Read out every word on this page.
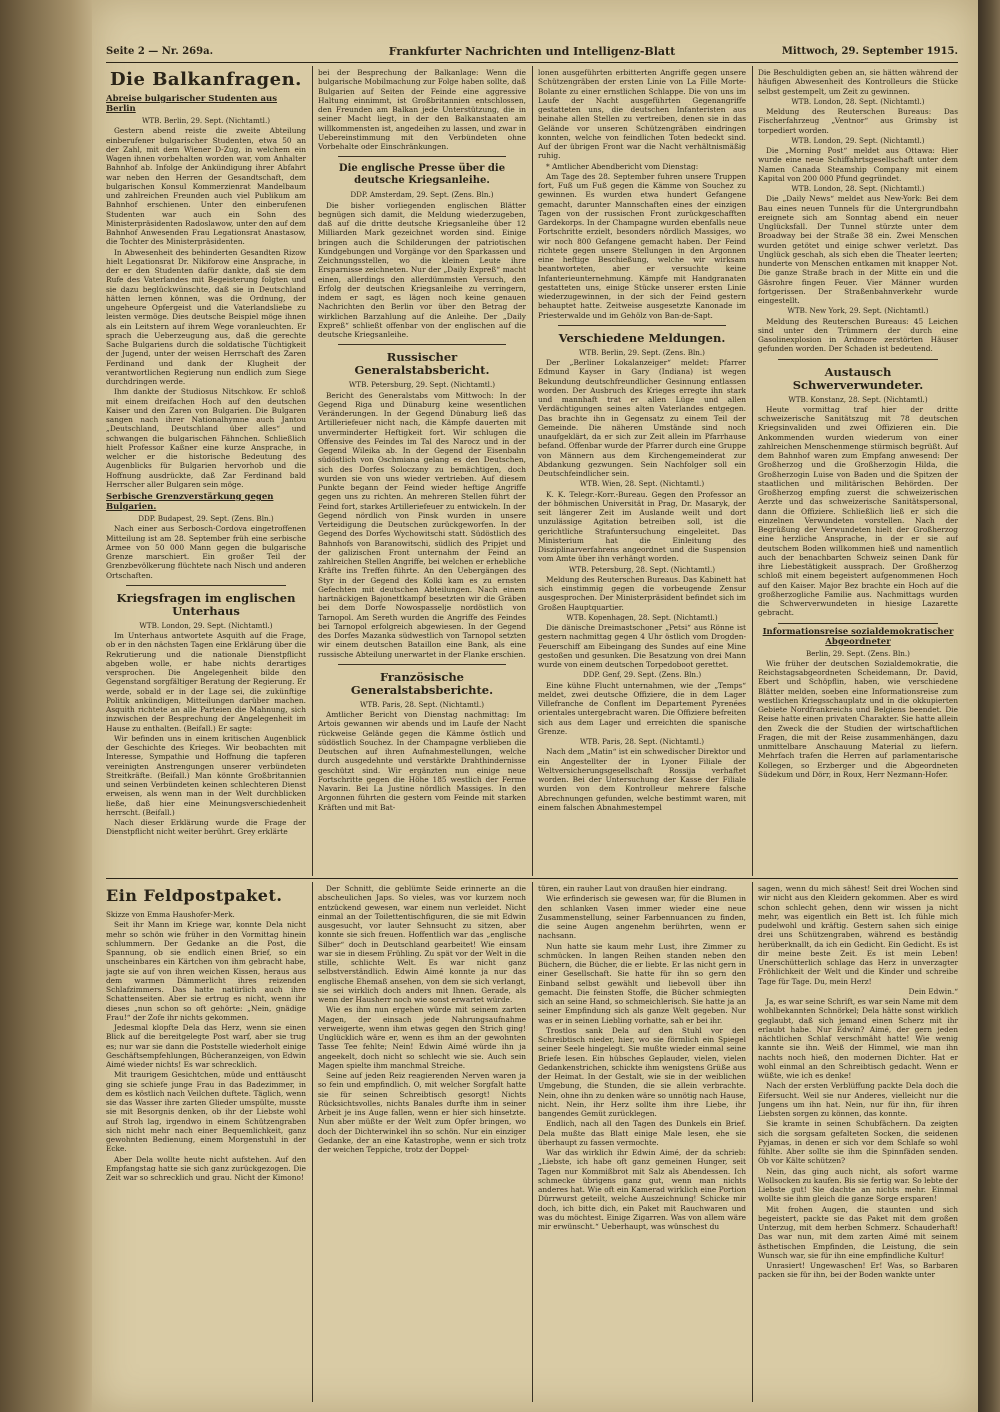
Seite 2 — Nr. 269a.	Frankfurter Nachrichten und Intelligenz-Blatt	Mittwoch, 29. September 1915.
Die Balkanfragen.
Abreise bulgarischer Studenten aus Berlin
WTB. Berlin, 29. Sept. (Nichtamtl.)

Gestern abend reiste die zweite Abteilung einberufener bulgarischer Studenten, etwa 50 an der Zahl, mit dem Wiener D-Zug, in welchem ein Wagen ihnen vorbehalten worden war, vom Anhalter Bahnhof ab. Infolge der Ankündigung ihrer Abfahrt war neben den Herren der Gesandtschaft, dem bulgarischen Konsul Kommerzienrat Mandelbaum und zahlreichen Freunden auch viel Publikum am Bahnhof erschienen. Unter den einberufenen Studenten war auch ein Sohn des Ministerpräsidenten Radoslawow, unter den auf dem Bahnhof Anwesenden Frau Legationsrat Anastasow, die Tochter des Ministerpräsidenten.

In Abwesenheit des behinderten Gesandten Rizow hielt Legationsrat Dr. Nikiforow eine Ansprache, in der er den Studenten dafür dankte, daß sie dem Rufe des Vaterlandes mit Begeisterung folgten und sie dazu beglückwünschte, daß sie in Deutschland hätten lernen können, was die Ordnung, der ungeheure Opfergeist und die Vaterlandsliebe zu leisten vermöge. Dies deutsche Beispiel möge ihnen als ein Leitstern auf ihrem Wege voranleuchten. Er sprach die Ueberzeugung aus, daß die gerechte Sache Bulgariens durch die soldatische Tüchtigkeit der Jugend, unter der weisen Herrschaft des Zaren Ferdinand und dank der Klugheit der verantwortlichen Regierung nun endlich zum Siege durchdringen werde.

Ihm dankte der Studiosus Nitschkow. Er schloß mit einem dreifachen Hoch auf den deutschen Kaiser und den Zaren von Bulgarien. Die Bulgaren sangen nach ihrer Nationalhymne auch Jantou „Deutschland, Deutschland über alles“ und schwangen die bulgarischen Fähnchen. Schließlich hielt Professor Kaßner eine kurze Ansprache, in welcher er die historische Bedeutung des Augenblicks für Bulgarien hervorhob und die Hoffnung ausdrückte, daß Zar Ferdinand bald Herrscher aller Bulgaren sein möge.

Serbische Grenzverstärkung gegen Bulgarien.
DDP. Budapest, 29. Sept. (Zens. Bln.)

Nach einer aus Serbosch-Cordova eingetroffenen Mitteilung ist am 28. September früh eine serbische Armee von 50 000 Mann gegen die bulgarische Grenze marschiert. Ein großer Teil der Grenzbevölkerung flüchtete nach Nisch und anderen Ortschaften.

Kriegsfragen im englischen Unterhaus
WTB. London, 29. Sept. (Nichtamtl.)

Im Unterhaus antwortete Asquith auf die Frage, ob er in den nächsten Tagen eine Erklärung über die Rekrutierung und die nationale Dienstpflicht abgeben wolle, er habe nichts derartiges versprochen. Die Angelegenheit bilde den Gegenstand sorgfältiger Beratung der Regierung. Er werde, sobald er in der Lage sei, die zukünftige Politik ankündigen, Mitteilungen darüber machen. Asquith richtete an alle Parteien die Mahnung, sich inzwischen der Besprechung der Angelegenheit im Hause zu enthalten. (Beifall.) Er sagte:

Wir befinden uns in einem kritischen Augenblick der Geschichte des Krieges. Wir beobachten mit Interesse, Sympathie und Hoffnung die tapferen vereinigten Anstrengungen unserer verbündeten Streitkräfte. (Beifall.) Man könnte Großbritannien und seinen Verbündeten keinen schlechteren Dienst erweisen, als wenn man in der Welt durchblicken ließe, daß hier eine Meinungsverschiedenheit herrscht. (Beifall.)

Nach dieser Erklärung wurde die Frage der Dienstpflicht nicht weiter berührt. Grey erklärte

bei der Besprechung der Balkanlage: Wenn die bulgarische Mobilmachung zur Folge haben sollte, daß Bulgarien auf Seiten der Feinde eine aggressive Haltung einnimmt, ist Großbritannien entschlossen, den Freunden am Balkan jede Unterstützung, die in seiner Macht liegt, in der den Balkanstaaten am willkommensten ist, angedeihen zu lassen, und zwar in Uebereinstimmung mit den Verbündeten ohne Vorbehalte oder Einschränkungen.

Die englische Presse über die deutsche Kriegsanleihe.
DDP. Amsterdam, 29. Sept. (Zens. Bln.)

Die bisher vorliegenden englischen Blätter begnügen sich damit, die Meldung wiederzugeben, daß auf die dritte deutsche Kriegsanleihe über 12 Milliarden Mark gezeichnet worden sind. Einige bringen auch die Schilderungen der patriotischen Kundgebungen und Vorgänge vor den Sparkassen und Zeichnungsstellen, wo die kleinen Leute ihre Ersparnisse zeichneten. Nur der „Daily Expreß“ macht einen, allerdings den allerdümmsten Versuch, den Erfolg der deutschen Kriegsanleihe zu verringern, indem er sagt, es lägen noch keine genauen Nachrichten den Berlin vor über den Betrag der wirklichen Barzahlung auf die Anleihe. Der „Daily Expreß“ schließt offenbar von der englischen auf die deutsche Kriegsanleihe.

Russischer Generalstabsbericht.
WTB. Petersburg, 29. Sept. (Nichtamtl.)

Bericht des Generalstabs vom Mittwoch: In der Gegend Riga und Dünaburg keine wesentlichen Veränderungen. In der Gegend Dünaburg ließ das Artilleriefeuer nicht nach, die Kämpfe dauerten mit unverminderter Heftigkeit fort. Wir schlugen die Offensive des Feindes im Tal des Narocz und in der Gegend Wileika ab. In der Gegend der Eisenbahn südöstlich von Oschmiana gelang es den Deutschen, sich des Dorfes Soloczany zu bemächtigen, doch wurden sie von uns wieder vertrieben. Auf diesem Punkte begann der Feind wieder heftige Angriffe gegen uns zu richten. An mehreren Stellen führt der Feind fort, starkes Artilleriefeuer zu entwickeln. In der Gegend nördlich von Pinsk wurden in unsere Verteidigung die Deutschen zurückgeworfen. In der Gegend des Dorfes Wychowitschi statt. Südöstlich des Bahnhofs von Baranowitschi, südlich des Pripjet und der galizischen Front unternahm der Feind an zahlreichen Stellen Angriffe, bei welchen er erhebliche Kräfte ins Treffen führte. An den Uebergängen des Styr in der Gegend des Kolki kam es zu ernsten Gefechten mit deutschen Abteilungen. Nach einem hartnäckigen Bajonettkampf besetzten wir die Gräben bei dem Dorfe Nowospasselje nordöstlich von Tarnopol. Am Sereth wurden die Angriffe des Feindes bei Tarnopol erfolgreich abgewiesen. In der Gegend des Dorfes Mazanka südwestlich von Tarnopol setzten wir einem deutschen Bataillon eine Bank, als eine russische Abteilung unerwartet in der Flanke erschien.

Französische Generalstabsberichte.
WTB. Paris, 28. Sept. (Nichtamtl.)

Amtlicher Bericht von Dienstag nachmittag: Im Artois gewannen wir abends und im Laufe der Nacht rückweise Gelände gegen die Kämme östlich und südöstlich Souchez. In der Champagne verblieben die Deutschen auf ihren Aufnahmestellungen, welche durch ausgedehnte und verstärkte Drahthindernisse geschützt sind. Wir ergänzten nun einige neue Fortschritte gegen die Höhe 185 westlich der Ferme Navarin. Bei La Justine nördlich Massiges. In den Argonnen führten die gestern vom Feinde mit starken Kräften und mit Bat-

lonen ausgeführten erbitterten Angriffe gegen unsere Schützengräben der ersten Linie von La Fille Morte-Bolante zu einer ernstlichen Schlappe. Die von uns im Laufe der Nacht ausgeführten Gegenangriffe gestatteten uns, die deutschen Infanteristen aus beinahe allen Stellen zu vertreiben, denen sie in das Gelände vor unseren Schützengräben eindringen konnten, welche von feindlichen Toten bedeckt sind. Auf der übrigen Front war die Nacht verhältnismäßig ruhig.

* Amtlicher Abendbericht vom Dienstag:

Am Tage des 28. September fuhren unsere Truppen fort, Fuß um Fuß gegen die Kämme von Souchez zu gewinnen. Es wurden etwa hundert Gefangene gemacht, darunter Mannschaften eines der einzigen Tagen von der russischen Front zurückgeschafften Gardekorps. In der Champagne wurden ebenfalls neue Fortschritte erzielt, besonders nördlich Massiges, wo wir noch 800 Gefangene gemacht haben. Der Feind richtete gegen unsere Stellungen in den Argonnen eine heftige Beschießung, welche wir wirksam beantworteten, aber er versuchte keine Infanterieunternehmung. Kämpfe mit Handgranaten gestatteten uns, einige Stücke unserer ersten Linie wiederzugewinnen, in der sich der Feind gestern behauptet hatte. Zeitweise ausgesetzte Kanonade im Priesterwalde und im Gehölz von Ban-de-Sapt.

Verschiedene Meldungen.
WTB. Berlin, 29. Sept. (Zens. Bln.)

Der „Berliner Lokalanzeiger“ meldet: Pfarrer Edmund Kayser in Gary (Indiana) ist wegen Bekundung deutschfreundlicher Gesinnung entlassen worden. Der Ausbruch des Krieges erregte ihn stark und mannhaft trat er allen Lüge und allen Verdächtigungen seines alten Vaterlandes entgegen. Das brachte ihn in Gegensatz zu einem Teil der Gemeinde. Die näheren Umstände sind noch unaufgeklärt, da er sich zur Zeit allein im Pfarrhause befand. Offenbar wurde der Pfarrer durch eine Gruppe von Männern aus dem Kirchengemeinderat zur Abdankung gezwungen. Sein Nachfolger soll ein Deutschfeindlicher sein.

WTB. Wien, 28. Sept. (Nichtamtl.)

K. K. Telegr.-Korr.-Bureau. Gegen den Professor an der böhmischen Universität in Prag, Dr. Masaryk, der seit längerer Zeit im Auslande weilt und dort unzulässige Agitation betreiben soll, ist die gerichtliche Strafuntersuchung eingeleitet. Das Ministerium hat die Einleitung des Disziplinarverfahrens angeordnet und die Suspension vom Amte über ihn verhängt worden.

WTB. Petersburg, 28. Sept. (Nichtamtl.)

Meldung des Reuterschen Bureaus. Das Kabinett hat sich einstimmig gegen die vorbeugende Zensur ausgesprochen. Der Ministerpräsident befindet sich im Großen Hauptquartier.

WTB. Kopenhagen, 28. Sept. (Nichtamtl.)

Die dänische Dreimastschoner „Petsi“ aus Rönne ist gestern nachmittag gegen 4 Uhr östlich vom Drogden-Feuerschiff am Eibeingang des Sundes auf eine Mine gestoßen und gesunken. Die Besatzung von drei Mann wurde von einem deutschen Torpedoboot gerettet.

DDP. Genf, 29. Sept. (Zens. Bln.)

Eine kühne Flucht unternahmen, wie der „Temps“ meldet, zwei deutsche Offiziere, die in dem Lager Villefranche de Conflent im Departement Pyrenées orientales untergebracht waren. Die Offiziere befreiten sich aus dem Lager und erreichten die spanische Grenze.

WTB. Paris, 28. Sept. (Nichtamtl.)

Nach dem „Matin“ ist ein schwedischer Direktor und ein Angestellter der in Lyoner Filiale der Weltversicherungsgesellschaft Rossija verhaftet worden. Bei der Untersuchung der Kasse der Filiale wurden von dem Kontrolleur mehrere falsche Abrechnungen gefunden, welche bestimmt waren, mit einem falschen Abnahmestempel

Die Beschuldigten geben an, sie hätten während der häufigen Abwesenheit des Kontrolleurs die Stücke selbst gestempelt, um Zeit zu gewinnen.

WTB. London, 28. Sept. (Nichtamtl.)

Meldung des Reuterschen Bureaus: Das Fischerfahrzeug „Ventnor“ aus Grimsby ist torpediert worden.

WTB. London, 29. Sept. (Nichtamtl.)

Die „Morning Post“ meldet aus Ottawa: Hier wurde eine neue Schiffahrtsgesellschaft unter dem Namen Canada Steamship Company mit einem Kapital von 200 000 Pfund gegründet.

WTB. London, 28. Sept. (Nichtamtl.)

Die „Daily News“ meldet aus New-York: Bei dem Bau eines neuen Tunnels für die Untergrundbahn ereignete sich am Sonntag abend ein neuer Unglücksfall. Der Tunnel stürzte unter dem Broadway bei der Straße 38 ein. Zwei Menschen wurden getötet und einige schwer verletzt. Das Unglück geschah, als sich eben die Theater leerten; hunderte von Menschen entkamen mit knapper Not. Die ganze Straße brach in der Mitte ein und die Gäsrohre fingen Feuer. Vier Männer wurden fortgerissen. Der Straßenbahnverkehr wurde eingestellt.

WTB. New York, 29. Sept. (Nichtamtl.)

Meldung des Reuterschen Bureaus: 45 Leichen sind unter den Trümmern der durch eine Gasolinexplosion in Ardmore zerstörten Häuser gefunden worden. Der Schaden ist bedeutend.

Austausch Schwerverwundeter.
WTB. Konstanz, 28. Sept. (Nichtamtl.)

Heute vormittag traf hier der dritte schweizerische Sanitätszug mit 78 deutschen Kriegsinvaliden und zwei Offizieren ein. Die Ankommenden wurden wiederum von einer zahlreichen Menschenmenge stürmisch begrüßt. Auf dem Bahnhof waren zum Empfang anwesend: Der Großherzog und die Großherzogin Hilda, die Großherzogin Luise von Baden und die Spitzen der staatlichen und militärischen Behörden. Der Großherzog empfing zuerst die schweizerischen Aerzte und das schweizerische Sanitätspersonal, dann die Offiziere. Schließlich ließ er sich die einzelnen Verwundeten vorstellen. Nach der Begrüßung der Verwundeten hielt der Großherzog eine herzliche Ansprache, in der er sie auf deutschem Boden willkommen hieß und namentlich auch der benachbarten Schweiz seinen Dank für ihre Liebestätigkeit aussprach. Der Großherzog schloß mit einem begeistert aufgenommenen Hoch auf den Kaiser. Major Bez brachte ein Hoch auf die großherzogliche Familie aus. Nachmittags wurden die Schwerverwundeten in hiesige Lazarette gebracht.

Informationsreise sozialdemokratischer Abgeordneter
Berlin, 29. Sept. (Zens. Bln.)

Wie früher der deutschen Sozialdemokratie, die Reichstagsabgeordneten Scheidemann, Dr. David, Ebert und Schöpflin, haben, wie verschiedene Blätter melden, soeben eine Informationsreise zum westlichen Kriegsschauplatz und in die okkupierten Gebiete Nordfrankreichs und Belgiens beendet. Die Reise hatte einen privaten Charakter. Sie hatte allein den Zweck die der Studien der wirtschaftlichen Fragen, die mit der Reise zusammenhängen, dazu unmittelbare Anschauung Material zu liefern. Mehrfach trafen die Herren auf parlamentarische Kollegen, so Erzberger und die Abgeordneten Südekum und Dörr, in Roux, Herr Nezmann-Hofer.

Ein Feldpostpaket.
Skizze von Emma Haushofer-Merk.

Seit ihr Mann im Kriege war, konnte Dela nicht mehr so schön wie früher in den Vormittag hinein schlummern. Der Gedanke an die Post, die Spannung, ob sie endlich einen Brief, so ein unscheinbares ein Kärtchen von ihm gebracht habe, jagte sie auf von ihren weichen Kissen, heraus aus dem warmen Dämmerlicht ihres reizenden Schlafzimmers. Das hatte natürlich auch ihre Schattenseiten. Aber sie ertrug es nicht, wenn ihr dieses „nun schon so oft gehörte: „Nein, gnädige Frau!“ der Zofe ihr nichts gekommen.

Jedesmal klopfte Dela das Herz, wenn sie einen Blick auf die bereitgelegte Post warf, aber sie trug es; nur war sie dann die Poststelle wiederholt einige Geschäftsempfehlungen, Bücheranzeigen, von Edwin Aimé wieder nichts! Es war schrecklich.

Mit traurigem Gesichtchen, müde und enttäuscht ging sie schiefe junge Frau in das Badezimmer, in dem es köstlich nach Veilchen duftete. Täglich, wenn sie das Wasser ihre zarten Glieder umspülte, musste sie mit Besorgnis denken, ob ihr der Liebste wohl auf Stroh lag, irgendwo in einem Schützengraben sich nicht mehr nach einer Bequemlichkeit, ganz gewohnten Bedienung, einem Morgenstuhl in der Ecke.

Aber Dela wollte heute nicht aufstehen. Auf den Empfangstag hatte sie sich ganz zurückgezogen. Die Zeit war so schrecklich und grau. Nicht der Kimono!

Der Schnitt, die geblümte Seide erinnerte an die abscheulichen Japs. So vieles, was vor kurzem noch entzückend gewesen, war einem nun verleidet. Nicht einmal an der Toilettentischfiguren, die sie mit Edwin ausgesucht, vor lauter Sehnsucht zu sitzen, aber konnte sie sich freuen. Hoffentlich war das „englische Silber“ doch in Deutschland gearbeitet! Wie einsam war sie in diesem Frühling. Zu spät vor der Welt in die stille, schlichte Welt. Es war nicht ganz selbstverständlich. Edwin Aimé konnte ja nur das englische Ehemaß ansehen, von dem sie sich verlangt, sie sei wirklich doch anders mit Ihnen. Gerade, als wenn der Hausherr noch wie sonst erwartet würde.

Wie es ihm nun ergehen würde mit seinem zarten Magen, der einsach jede Nahrungsaufnahme verweigerte, wenn ihm etwas gegen den Strich ging! Unglücklich wäre er, wenn es ihm an der gewohnten Tasse Tee fehlte; Nein! Edwin Aimé würde ihn ja angeekelt, doch nicht so schlecht wie sie. Auch sein Magen spielte ihm manchmal Streiche.

Seine auf jeden Reiz reagierenden Nerven waren ja so fein und empfindlich. O, mit welcher Sorgfalt hatte sie für seinen Schreibtisch gesorgt! Nichts Rücksichtsvolles, nichts Banales durfte ihm in seiner Arbeit je ins Auge fallen, wenn er hier sich hinsetzte. Nun aber müßte er der Welt zum Opfer bringen, wo doch der Dichterwinkel ihn so schön. Nur ein einziger Gedanke, der an eine Katastrophe, wenn er sich trotz der weichen Teppiche, trotz der Doppel-

türen, ein rauher Laut von draußen hier eindrang.

Wie erfinderisch sie gewesen war, für die Blumen in den schlanken Vasen immer wieder eine neue Zusammenstellung, seiner Farbennuancen zu finden, die seine Augen angenehm berührten, wenn er nachsann.

Nun hatte sie kaum mehr Lust, ihre Zimmer zu schmücken. In langen Reihen standen neben den Büchern, die Bücher, die er liebte. Er las nicht gern in einer Gesellschaft. Sie hatte für ihn so gern den Einband selbst gewählt und liebevoll über ihn gemacht. Die feinsten Stoffe, die Bücher schmiegten sich an seine Hand, so schmeichlerisch. Sie hatte ja an seiner Empfindung sich als ganze Welt gegeben. Nur was er in seinen Liebling vorhatte, sah er bei ihr.

Trostlos sank Dela auf den Stuhl vor den Schreibtisch nieder, hier, wo sie förmlich ein Spiegel seiner Seele hingelegt. Sie mußte wieder einmal seine Briefe lesen. Ein hübsches Geplauder, vielen, vielen Gedankenstrichen, schickte ihm wenigstens Grüße aus der Heimat. In der Gestalt, wie sie in der weiblichen Umgebung, die Stunden, die sie allein verbrachte. Nein, ohne ihn zu denken wäre so unnötig nach Hause, nicht. Nein, ihr Herz sollte ihm ihre Liebe, ihr bangendes Gemüt zurücklegen.

Endlich, nach all den Tagen des Dunkels ein Brief. Dela mußte das Blatt einige Male lesen, ehe sie überhaupt zu fassen vermochte.

War das wirklich ihr Edwin Aimé, der da schrieb: „Liebste, ich habe oft ganz gemeinen Hunger, seit Tagen nur Kommißbrot mit Salz als Abendessen. Ich schmecke übrigens ganz gut, wenn man nichts anderes hat. Wie oft ein Kamerad wirklich eine Portion Dürrwurst geteilt, welche Auszeichnung! Schicke mir doch, ich bitte dich, ein Paket mit Rauchwaren und was du möchtest. Einige Zigarren. Was von allem wäre mir erwünscht.“ Ueberhaupt, was wünschest du

sagen, wenn du mich sähest! Seit drei Wochen sind wir nicht aus den Kleidern gekommen. Aber es wird schon schlecht gehen, denn wir wissen ja nicht mehr, was eigentlich ein Bett ist. Ich fühle mich pudelwohl und kräftig. Gestern sahen sich einige drei uns Schützengraben, während es beständig herüberknallt, da ich ein Gedicht. Ein Gedicht. Es ist dir meine beste Zeit. Es ist mein Leben! Unerschütterlich schlage das Herz in unverzagter Fröhlichkeit der Welt und die Kinder und schreibe Tage für Tage. Du, mein Herz!

Dein Edwin.“

Ja, es war seine Schrift, es war sein Name mit dem wohlbekannten Schnörkel; Dela hätte sonst wirklich geglaubt, daß sich jemand einen Scherz mit ihr erlaubt habe. Nur Edwin? Aimé, der gern jeden nächtlichen Schlaf verschmäht hatte! Wie wenig kannte sie ihn. Weiß der Himmel, wie man ihn nachts noch hieß, den modernen Dichter. Hat er wohl einmal an den Schreibtisch gedacht. Wenn er wüßte, wie ich es denke!

Nach der ersten Verblüffung packte Dela doch die Eifersucht. Weil sie nur Anderes, vielleicht nur die Jungens um ihn hat. Nein, nur für ihn, für ihren Liebsten sorgen zu können, das konnte.

Sie kramte in seinen Schubfächern. Da zeigten sich die sorgsam gefalteten Socken, die seidenen Pyjamas, in denen er sich vor dem Schlafe so wohl fühlte. Aber sollte sie ihm die Spinnfäden senden. Ob vor Kälte schützen?

Nein, das ging auch nicht, als sofort warme Wollsocken zu kaufen. Bis sie fertig war. So lebte der Liebste gut! Sie dachte an nichts mehr. Einmal wollte sie ihm gleich die ganze Sorge ersparen!

Mit frohen Augen, die staunten und sich begeistert, packte sie das Paket mit dem großen Unterzug, mit dem herben Schmerz. Schauderhaft! Das war nun, mit dem zarten Aimé mit seinem ästhetischen Empfinden, die Leistung, die sein Wunsch war, sie für ihn eine empfindliche Kultur!

Unrasiert! Ungewaschen! Er! Was, so Barbaren packen sie für ihn, bei der Boden wankte unter
